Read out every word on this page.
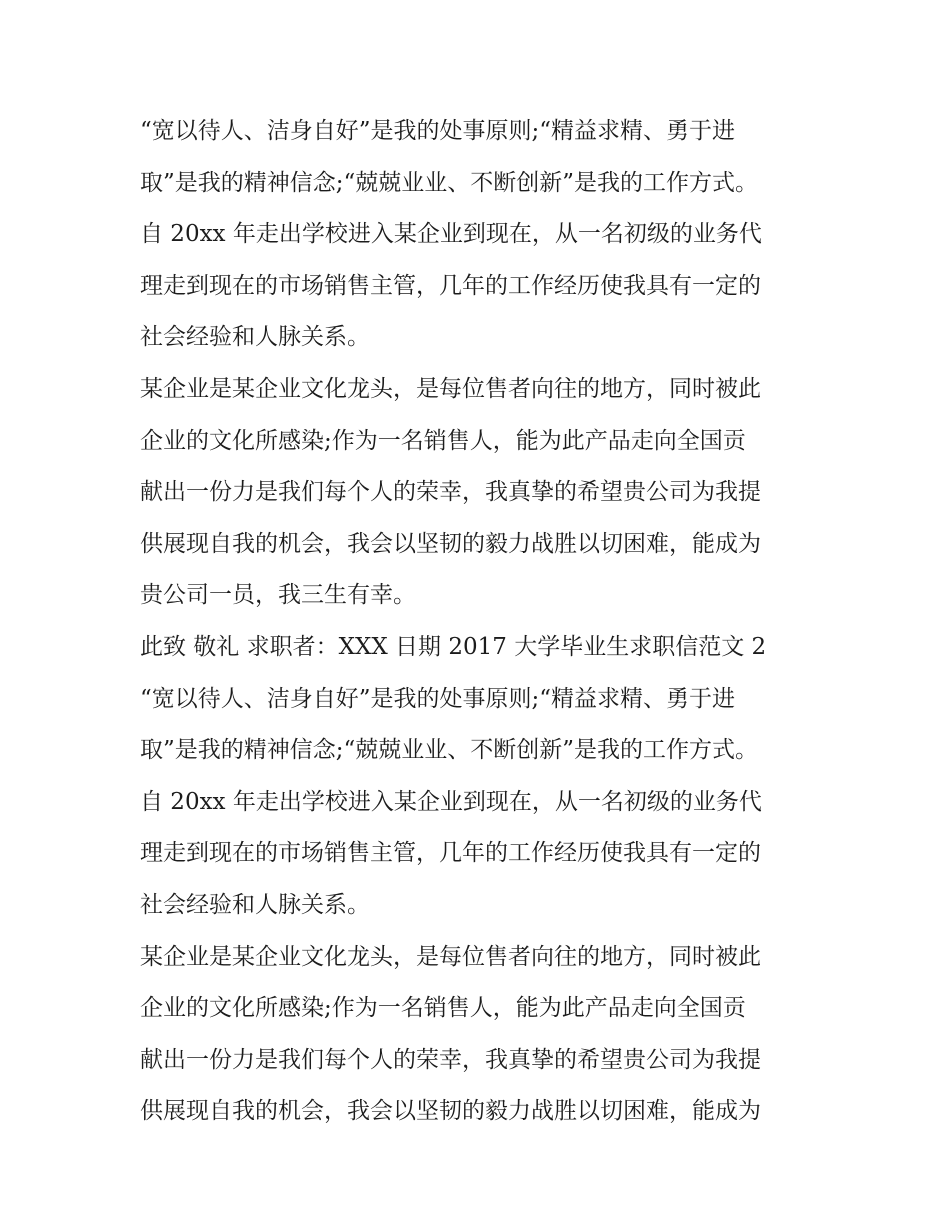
“宽以待人、洁身自好”是我的处事原则;“精益求精、勇于进
取”是我的精神信念;“兢兢业业、不断创新”是我的工作方式。
自 20xx 年走出学校进入某企业到现在，从一名初级的业务代
理走到现在的市场销售主管，几年的工作经历使我具有一定的
社会经验和人脉关系。
某企业是某企业文化龙头，是每位售者向往的地方，同时被此
企业的文化所感染;作为一名销售人，能为此产品走向全国贡
献出一份力是我们每个人的荣幸，我真挚的希望贵公司为我提
供展现自我的机会，我会以坚韧的毅力战胜以切困难，能成为
贵公司一员，我三生有幸。
此致 敬礼 求职者：XXX 日期 2017 大学毕业生求职信范文 2
“宽以待人、洁身自好”是我的处事原则;“精益求精、勇于进
取”是我的精神信念;“兢兢业业、不断创新”是我的工作方式。
自 20xx 年走出学校进入某企业到现在，从一名初级的业务代
理走到现在的市场销售主管，几年的工作经历使我具有一定的
社会经验和人脉关系。
某企业是某企业文化龙头，是每位售者向往的地方，同时被此
企业的文化所感染;作为一名销售人，能为此产品走向全国贡
献出一份力是我们每个人的荣幸，我真挚的希望贵公司为我提
供展现自我的机会，我会以坚韧的毅力战胜以切困难，能成为
